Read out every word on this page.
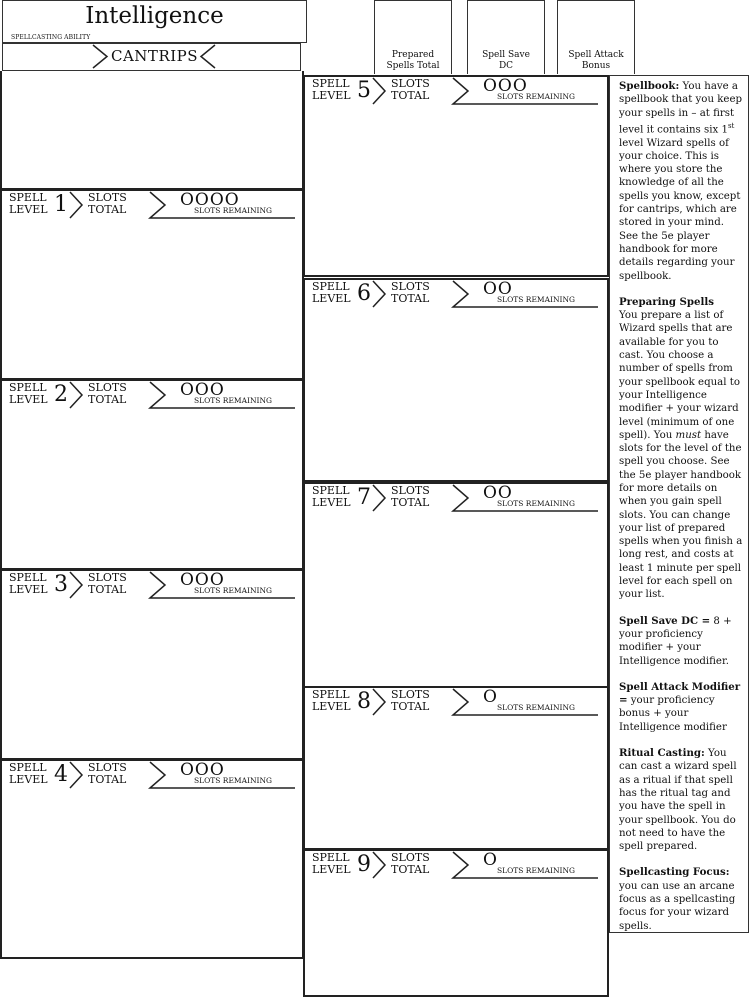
Intelligence
SPELLCASTING ABILITY
Prepared
Spells Total
Spell Save
DC
Spell Attack
Bonus
CANTRIPS
SPELL
LEVEL 1 SLOTS
TOTAL	OOOO
SLOTS REMAINING
SPELL
LEVEL 2 SLOTS
TOTAL	OOO
SLOTS REMAINING
SPELL
LEVEL 3 SLOTS
TOTAL	OOO
SLOTS REMAINING
SPELL
LEVEL 4 SLOTS
TOTAL	OOO
SLOTS REMAINING
SPELL
LEVEL 5 SLOTS
TOTAL	OOO
SLOTS REMAINING
SPELL
LEVEL 6 SLOTS
TOTAL	OO
SLOTS REMAINING
SPELL
LEVEL 7 SLOTS
TOTAL	OO
SLOTS REMAINING
SPELL
LEVEL 8 SLOTS
TOTAL	O
SLOTS REMAINING
SPELL
LEVEL 9 SLOTS
TOTAL	O
SLOTS REMAINING

Spellbook: You have a spellbook that you keep your spells in – at first level it contains six 1st level Wizard spells of your choice. This is where you store the knowledge of all the spells you know, except for cantrips, which are stored in your mind. See the 5e player handbook for more details regarding your spellbook.

Preparing Spells
You prepare a list of Wizard spells that are available for you to cast. You choose a number of spells from your spellbook equal to your Intelligence modifier + your wizard level (minimum of one spell). You must have slots for the level of the spell you choose. See the 5e player handbook for more details on when you gain spell slots. You can change your list of prepared spells when you finish a long rest, and costs at least 1 minute per spell level for each spell on your list.

Spell Save DC = 8 + your proficiency modifier + your Intelligence modifier.

Spell Attack Modifier = your proficiency bonus + your Intelligence modifier

Ritual Casting: You can cast a wizard spell as a ritual if that spell has the ritual tag and you have the spell in your spellbook. You do not need to have the spell prepared.

Spellcasting Focus: you can use an arcane focus as a spellcasting focus for your wizard spells.
